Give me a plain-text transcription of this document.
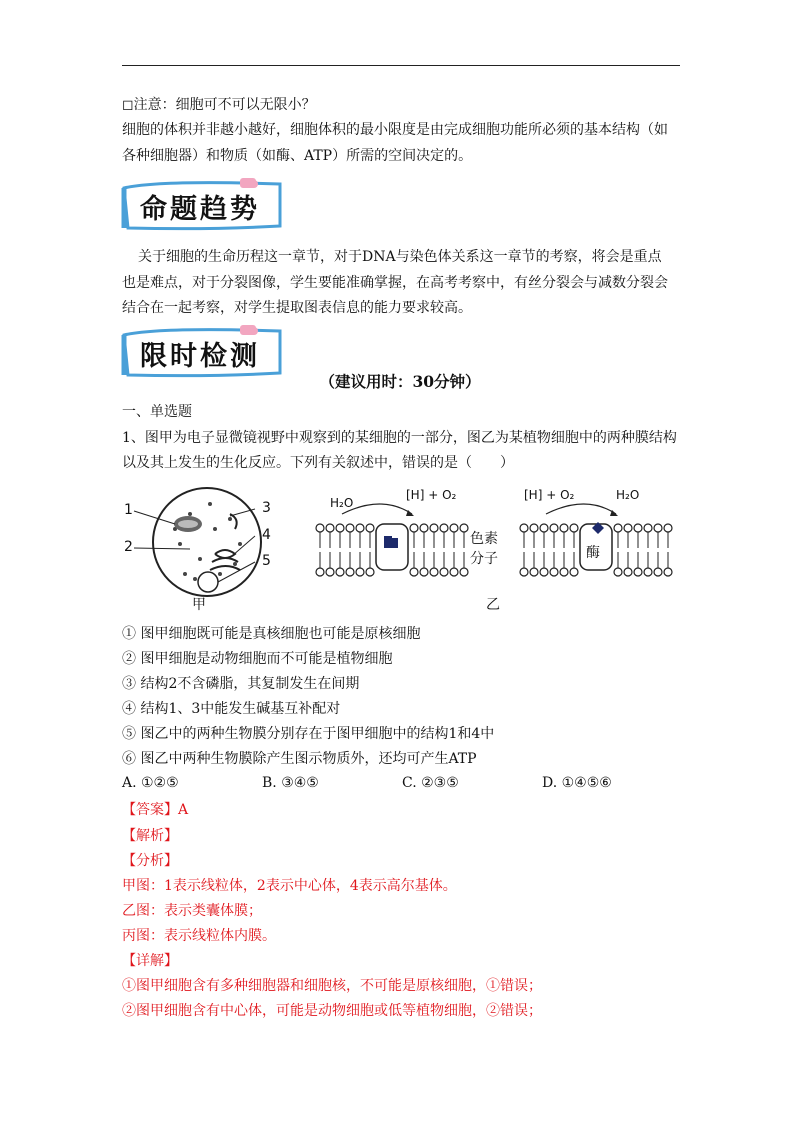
◻注意：细胞可不可以无限小？
细胞的体积并非越小越好，细胞体积的最小限度是由完成细胞功能所必须的基本结构（如
各种细胞器）和物质（如酶、ATP）所需的空间决定的。
命题趋势
关于细胞的生命历程这一章节，对于DNA与染色体关系这一章节的考察，将会是重点
也是难点，对于分裂图像，学生要能准确掌握，在高考考察中，有丝分裂会与减数分裂会
结合在一起考察，对学生提取图表信息的能力要求较高。
限时检测
（建议用时：30分钟）
一、单选题
1、图甲为电子显微镜视野中观察到的某细胞的一部分，图乙为某植物细胞中的两种膜结构
以及其上发生的生化反应。下列有关叙述中，错误的是（　　）
1
2
3
4
5
甲
H₂O
[H] + O₂
色素
分子
乙
[H] + O₂	H₂O
酶
① 图甲细胞既可能是真核细胞也可能是原核细胞
② 图甲细胞是动物细胞而不可能是植物细胞
③ 结构2不含磷脂，其复制发生在间期
④ 结构1、3中能发生碱基互补配对
⑤ 图乙中的两种生物膜分别存在于图甲细胞中的结构1和4中
⑥ 图乙中两种生物膜除产生图示物质外，还均可产生ATP
A. ①②⑤	B. ③④⑤	C. ②③⑤	D. ①④⑤⑥
【答案】A
【解析】
【分析】
甲图：1表示线粒体，2表示中心体，4表示高尔基体。
乙图：表示类囊体膜；
丙图：表示线粒体内膜。
【详解】
①图甲细胞含有多种细胞器和细胞核，不可能是原核细胞，①错误；
②图甲细胞含有中心体，可能是动物细胞或低等植物细胞，②错误；
